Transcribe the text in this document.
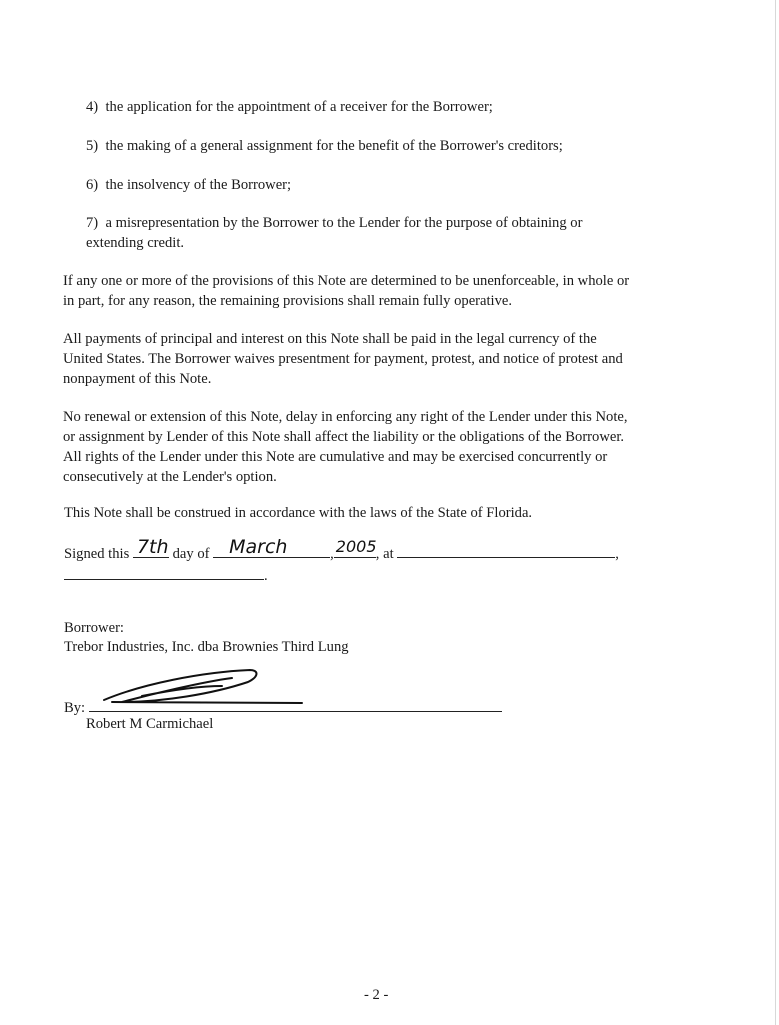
4) the application for the appointment of a receiver for the Borrower;
5) the making of a general assignment for the benefit of the Borrower's creditors;
6) the insolvency of the Borrower;
7) a misrepresentation by the Borrower to the Lender for the purpose of obtaining or
extending credit.
If any one or more of the provisions of this Note are determined to be unenforceable, in whole or
in part, for any reason, the remaining provisions shall remain fully operative.
All payments of principal and interest on this Note shall be paid in the legal currency of the
United States. The Borrower waives presentment for payment, protest, and notice of protest and
nonpayment of this Note.
No renewal or extension of this Note, delay in enforcing any right of the Lender under this Note,
or assignment by Lender of this Note shall affect the liability or the obligations of the Borrower.
All rights of the Lender under this Note are cumulative and may be exercised concurrently or
consecutively at the Lender's option.
This Note shall be construed in accordance with the laws of the State of Florida.
Signed this 7th day of March	, 2005 , at	,
.
Borrower:
Trebor Industries, Inc. dba Brownies Third Lung
By:
Robert M Carmichael
- 2 -
